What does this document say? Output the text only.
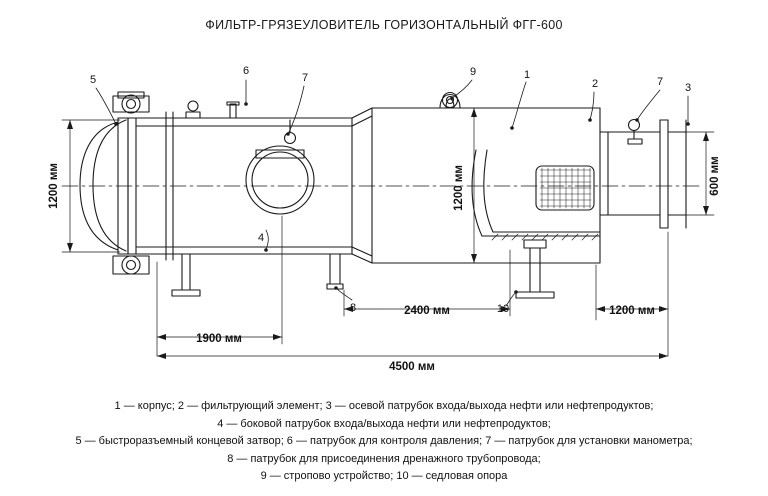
ФИЛЬТР-ГРЯЗЕУЛОВИТЕЛЬ ГОРИЗОНТАЛЬНЫЙ ФГГ-600
5
6
7	9	1
2	7 3
4
8	10
1200 мм	1200 мм	600 мм
1900 мм
2400 мм	1200 мм
4500 мм
1 — корпус; 2 — фильтрующий элемент; 3 — осевой патрубок входа/выхода нефти или нефтепродуктов;
4 — боковой патрубок входа/выхода нефти или нефтепродуктов;
5 — быстроразъемный концевой затвор; 6 — патрубок для контроля давления; 7 — патрубок для установки манометра;
8 — патрубок для присоединения дренажного трубопровода;
9 — стропово устройство; 10 — седловая опора
